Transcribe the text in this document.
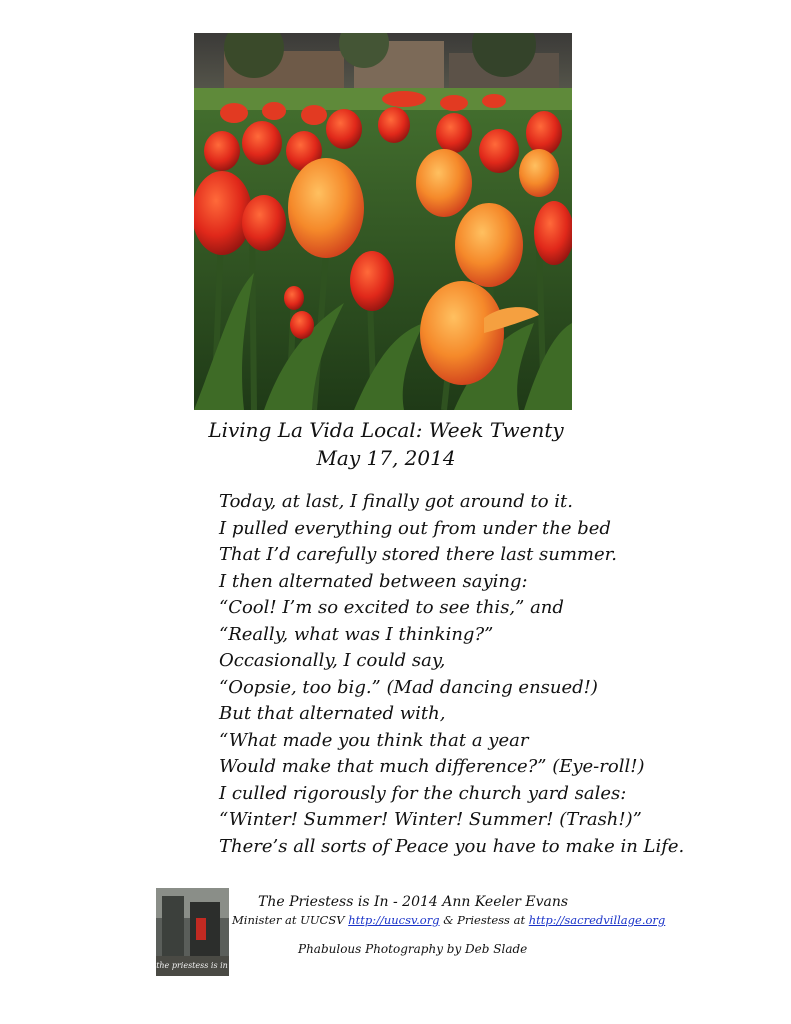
Living La Vida Local: Week Twenty
May 17, 2014
Today, at last, I finally got around to it.
I pulled everything out from under the bed
That I’d carefully stored there last summer.
I then alternated between saying:
“Cool! I’m so excited to see this,” and
“Really, what was I thinking?”
Occasionally, I could say,
“Oopsie, too big.” (Mad dancing ensued!)
But that alternated with,
“What made you think that a year
Would make that much difference?” (Eye-roll!)
I culled rigorously for the church yard sales:
“Winter! Summer! Winter! Summer! (Trash!)”
There’s all sorts of Peace you have to make in Life.
the priestess is in
The Priestess is In - 2014 Ann Keeler Evans
Minister at UUCSV http://uucsv.org & Priestess at http://sacredvillage.org
Phabulous Photography by Deb Slade
